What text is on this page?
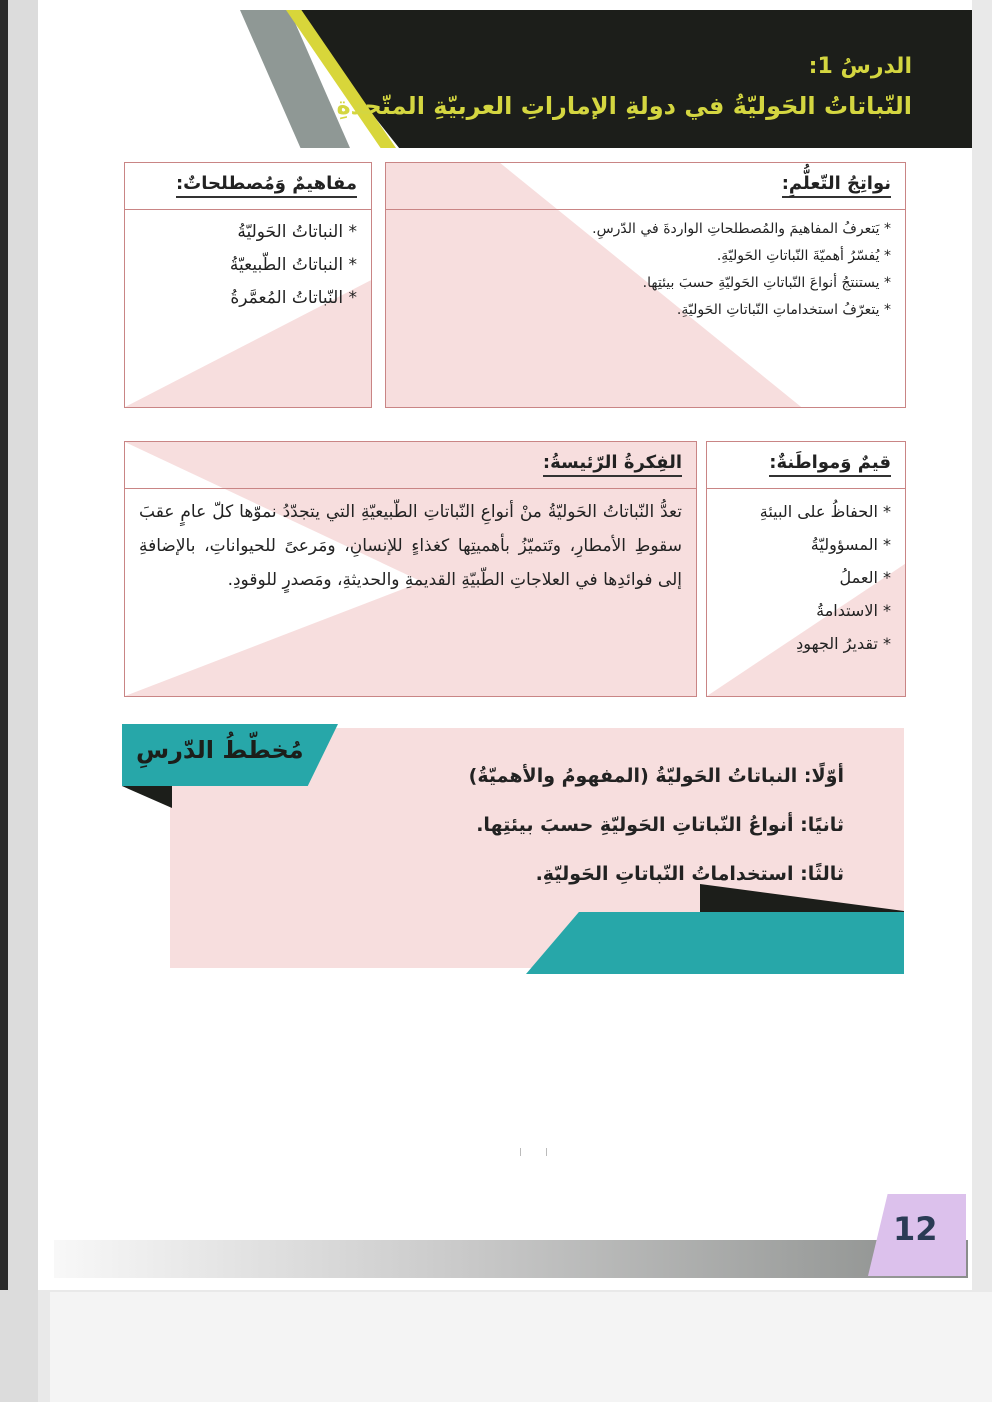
الدرسُ 1:
النّباتاتُ الحَوليّةُ في دولةِ الإماراتِ العربيّةِ المتّحدةِ
نواتِجُ التّعلُّمِ:
* يَتعرفُ المفاهيمَ والمُصطلحاتِ الواردةَ في الدّرسِ.
* يُفسّرُ أهميّةَ النّباتاتِ الحَوليّةِ.
* يستنتجُ أنواعَ النّباتاتِ الحَوليّةِ حسبَ بيئتِها.
* يتعرّفُ استخداماتِ النّباتاتِ الحَوليّةِ.
مفاهيمٌ وَمُصطلحاتٌ:
* النباتاتُ الحَوليّةُ
* النباتاتُ الطّبيعيّةُ
* النّباتاتُ المُعمَّرةُ
قيمٌ وَمواطَنةٌ:
* الحفاظُ على البيئةِ
* المسؤوليّةُ
* العملُ
* الاستدامةُ
* تقديرُ الجهودِ
الفِكرةُ الرّئيسةُ:

تعدُّ النّباتاتُ الحَوليّةُ منْ أنواعِ النّباتاتِ الطّبيعيّةِ التي يتجدّدُ نموّها كلّ عامٍ عقبَ سقوطِ الأمطارِ، وتَتميّزُ بأهميتِها كغذاءٍ للإنسانِ، ومَرعىً للحيواناتِ، بالإضافةِ إلى فوائدِها في العلاجاتِ الطّبيّةِ القديمةِ والحديثةِ، ومَصدرٍ للوقودِ.

مُخطّطُ الدّرسِ
أوّلًا: النباتاتُ الحَوليّةُ (المفهومُ والأهميّةُ)
ثانيًا: أنواعُ النّباتاتِ الحَوليّةِ حسبَ بيئتِها.
ثالثًا: استخداماتُ النّباتاتِ الحَوليّةِ.
12
